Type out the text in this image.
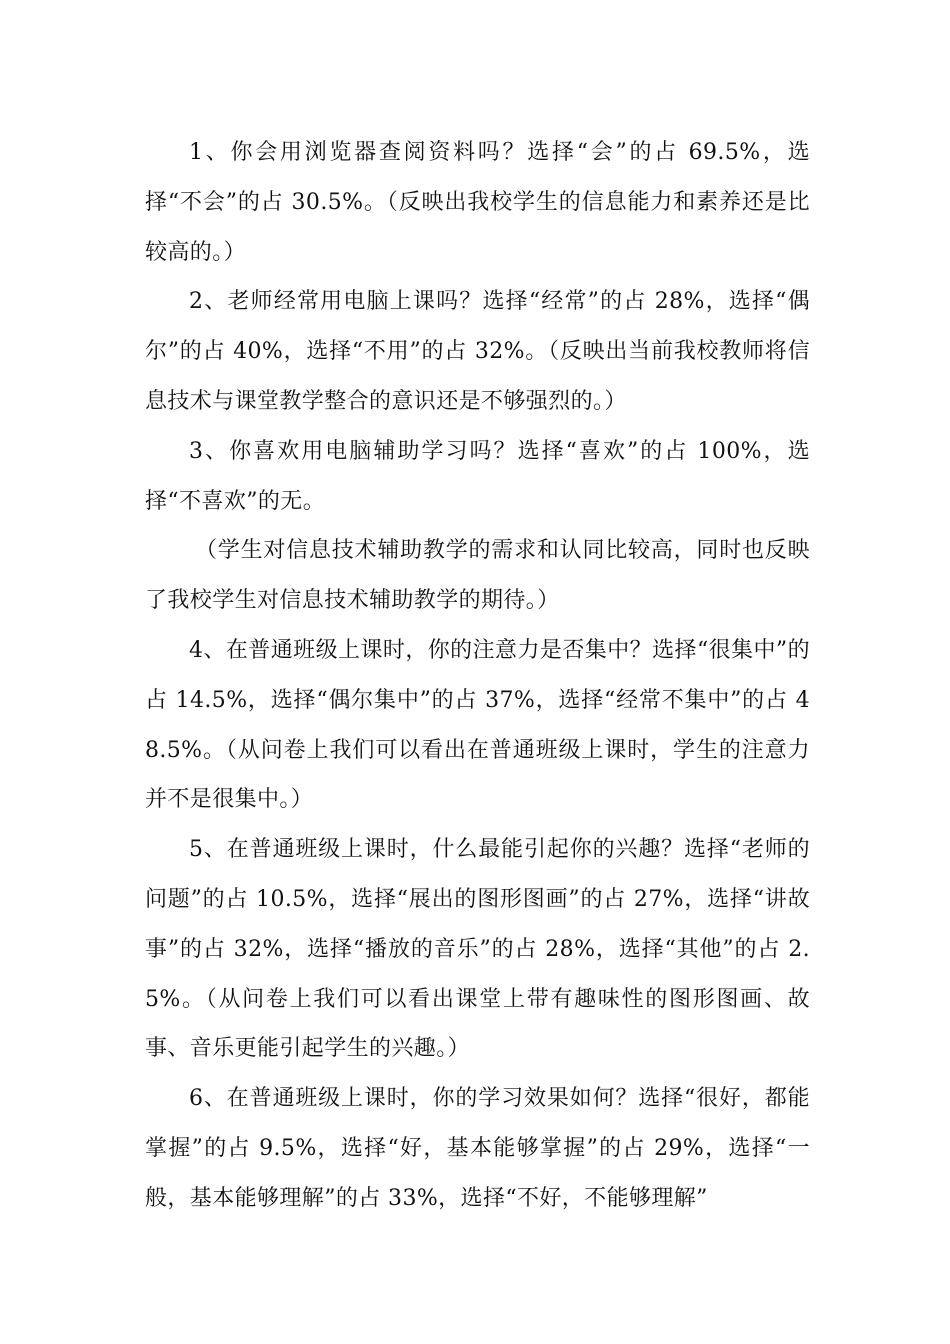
1、你会用浏览器查阅资料吗？选择“会”的占 69.5%，选择“不会”的占 30.5%。（反映出我校学生的信息能力和素养还是比较高的。）

2、老师经常用电脑上课吗？选择“经常”的占 28%，选择“偶尔”的占 40%，选择“不用”的占 32%。（反映出当前我校教师将信息技术与课堂教学整合的意识还是不够强烈的。）

3、你喜欢用电脑辅助学习吗？选择“喜欢”的占 100%，选择“不喜欢”的无。

（学生对信息技术辅助教学的需求和认同比较高，同时也反映了我校学生对信息技术辅助教学的期待。）

4、在普通班级上课时，你的注意力是否集中？选择“很集中”的占 14.5%，选择“偶尔集中”的占 37%，选择“经常不集中”的占 48.5%。（从问卷上我们可以看出在普通班级上课时，学生的注意力并不是很集中。）

5、在普通班级上课时，什么最能引起你的兴趣？选择“老师的问题”的占 10.5%，选择“展出的图形图画”的占 27%，选择“讲故事”的占 32%，选择“播放的音乐”的占 28%，选择“其他”的占 2.5%。（从问卷上我们可以看出课堂上带有趣味性的图形图画、故事、音乐更能引起学生的兴趣。）

6、在普通班级上课时，你的学习效果如何？选择“很好，都能掌握”的占 9.5%，选择“好，基本能够掌握”的占 29%，选择“一般，基本能够理解”的占 33%，选择“不好，不能够理解”
